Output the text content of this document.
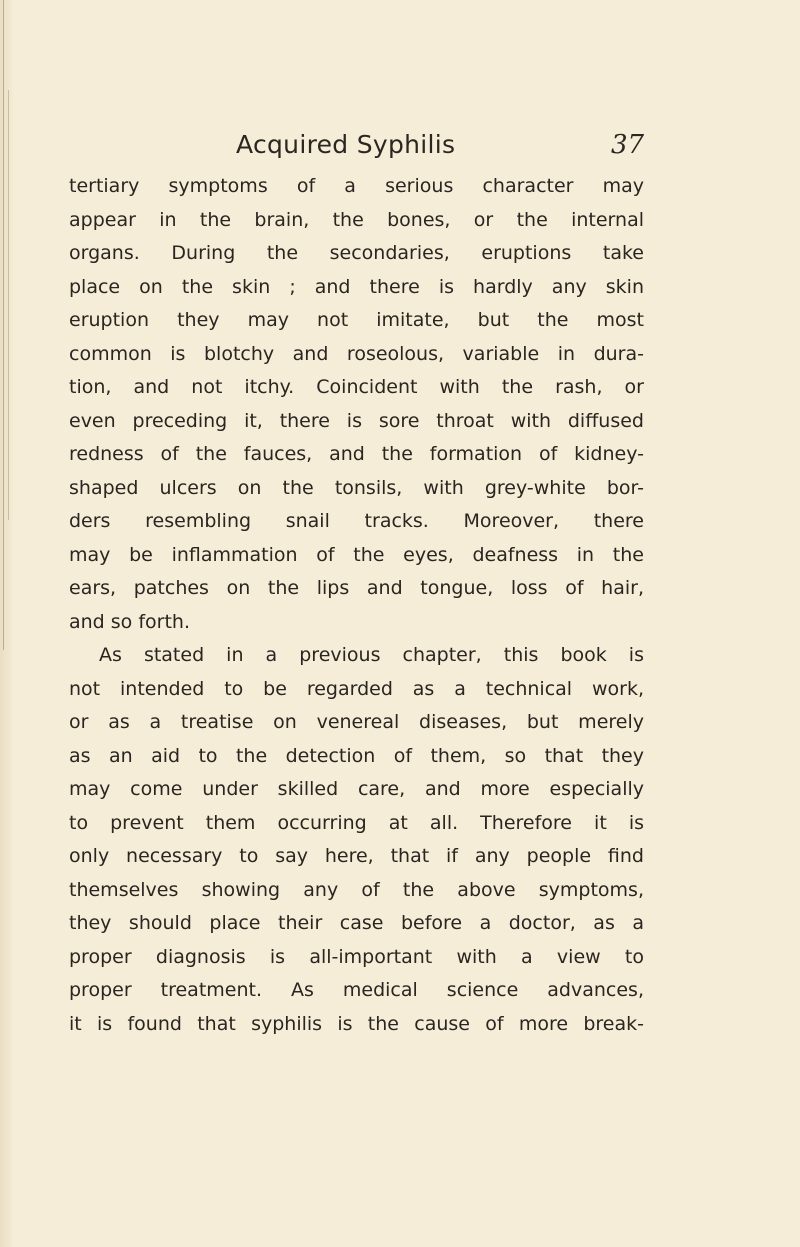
Acquired Syphilis	37
tertiary symptoms of a serious character may
appear in the brain, the bones, or the internal
organs. During the secondaries, eruptions take
place on the skin ; and there is hardly any skin
eruption they may not imitate, but the most
common is blotchy and roseolous, variable in dura-
tion, and not itchy. Coincident with the rash, or
even preceding it, there is sore throat with diffused
redness of the fauces, and the formation of kidney-
shaped ulcers on the tonsils, with grey-white bor-
ders resembling snail tracks. Moreover, there
may be inflammation of the eyes, deafness in the
ears, patches on the lips and tongue, loss of hair,
and so forth.
As stated in a previous chapter, this book is
not intended to be regarded as a technical work,
or as a treatise on venereal diseases, but merely
as an aid to the detection of them, so that they
may come under skilled care, and more especially
to prevent them occurring at all. Therefore it is
only necessary to say here, that if any people find
themselves showing any of the above symptoms,
they should place their case before a doctor, as a
proper diagnosis is all-important with a view to
proper treatment. As medical science advances,
it is found that syphilis is the cause of more break-
